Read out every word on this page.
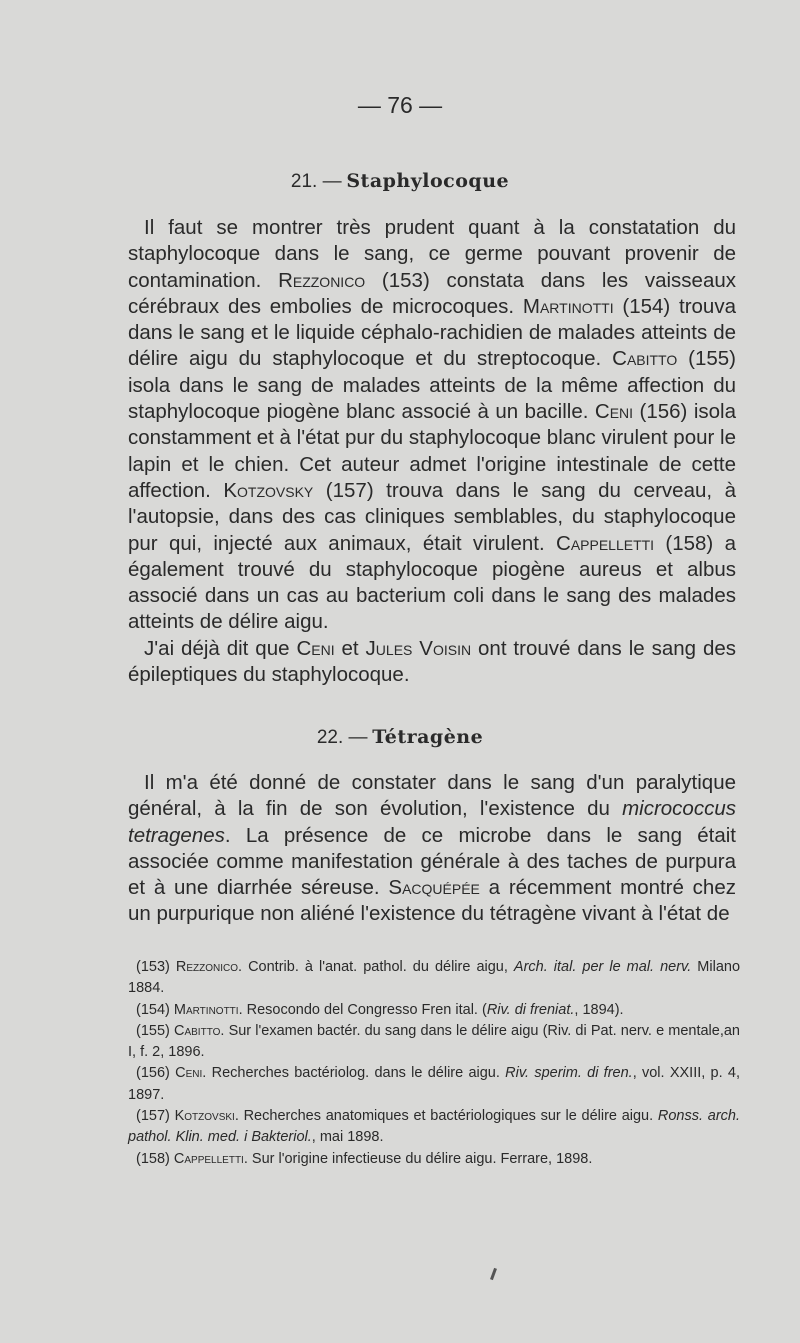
— 76 —
21. — Staphylocoque

Il faut se montrer très prudent quant à la constatation du staphylocoque dans le sang, ce germe pouvant provenir de contamination. Rezzonico (153) constata dans les vaisseaux cérébraux des embolies de microcoques. Martinotti (154) trouva dans le sang et le liquide céphalo-rachidien de malades atteints de délire aigu du staphylocoque et du streptocoque. Cabitto (155) isola dans le sang de malades atteints de la même affection du staphylocoque piogène blanc associé à un bacille. Ceni (156) isola constamment et à l'état pur du staphylocoque blanc virulent pour le lapin et le chien. Cet auteur admet l'origine intestinale de cette affection. Kotzovsky (157) trouva dans le sang du cerveau, à l'autopsie, dans des cas cliniques semblables, du staphylocoque pur qui, injecté aux animaux, était virulent. Cappelletti (158) a également trouvé du staphylocoque piogène aureus et albus associé dans un cas au bacterium coli dans le sang des malades atteints de délire aigu.

J'ai déjà dit que Ceni et Jules Voisin ont trouvé dans le sang des épileptiques du staphylocoque.

22. — Tétragène

Il m'a été donné de constater dans le sang d'un paralytique général, à la fin de son évolution, l'existence du micrococcus tetragenes. La présence de ce microbe dans le sang était associée comme manifestation générale à des taches de purpura et à une diarrhée séreuse. Sacquépée a récemment montré chez un purpurique non aliéné l'existence du tétragène vivant à l'état de

(153) Rezzonico. Contrib. à l'anat. pathol. du délire aigu, Arch. ital. per le mal. nerv. Milano 1884.

(154) Martinotti. Resocondo del Congresso Fren ital. (Riv. di freniat., 1894).

(155) Cabitto. Sur l'examen bactér. du sang dans le délire aigu (Riv. di Pat. nerv. e mentale,an I, f. 2, 1896.

(156) Ceni. Recherches bactériolog. dans le délire aigu. Riv. sperim. di fren., vol. XXIII, p. 4, 1897.

(157) Kotzovski. Recherches anatomiques et bactériologiques sur le délire aigu. Ronss. arch. pathol. Klin. med. i Bakteriol., mai 1898.

(158) Cappelletti. Sur l'origine infectieuse du délire aigu. Ferrare, 1898.
